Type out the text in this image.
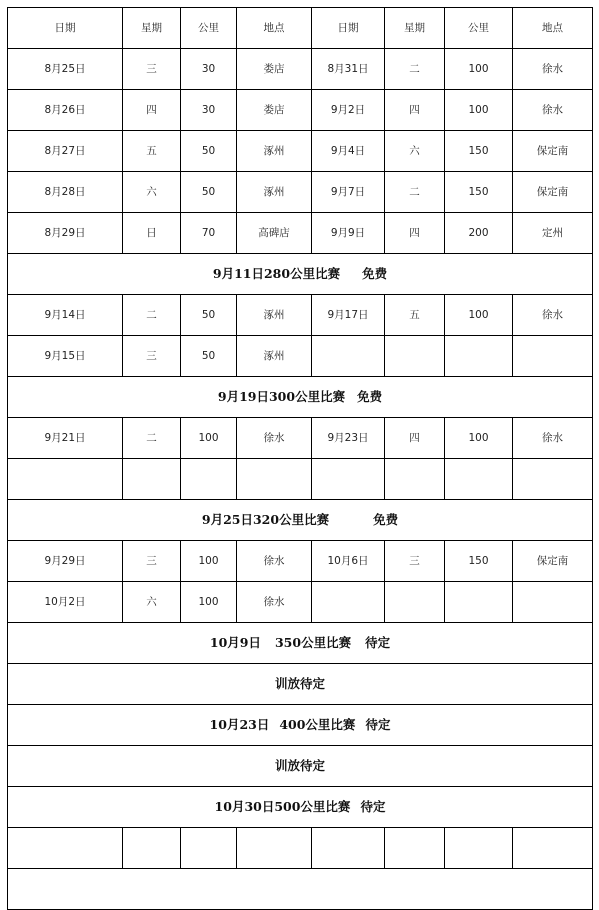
日期	星期	公里	地点	日期	星期	公里	地点
8月25日	三	30	娄店	8月31日	二	100	徐水
8月26日	四	30	娄店	9月2日	四	100	徐水
8月27日	五	50	涿州	9月4日	六	150	保定南
8月28日	六	50	涿州	9月7日	二	150	保定南
8月29日	日	70	高碑店	9月9日	四	200	定州
9月11日280公里比赛 免费							
9月14日	二	50	涿州	9月17日	五	100	徐水
9月15日	三	50	涿州				
9月19日300公里比赛 免费							
9月21日	二	100	徐水	9月23日	四	100	徐水

9月25日320公里比赛 免费							
9月29日	三	100	徐水	10月6日	三	150	保定南
10月2日	六	100	徐水				
10月9日 350公里比赛 待定							
训放待定							
10月23日 400公里比赛 待定							
训放待定							
10月30日500公里比赛 待定							
